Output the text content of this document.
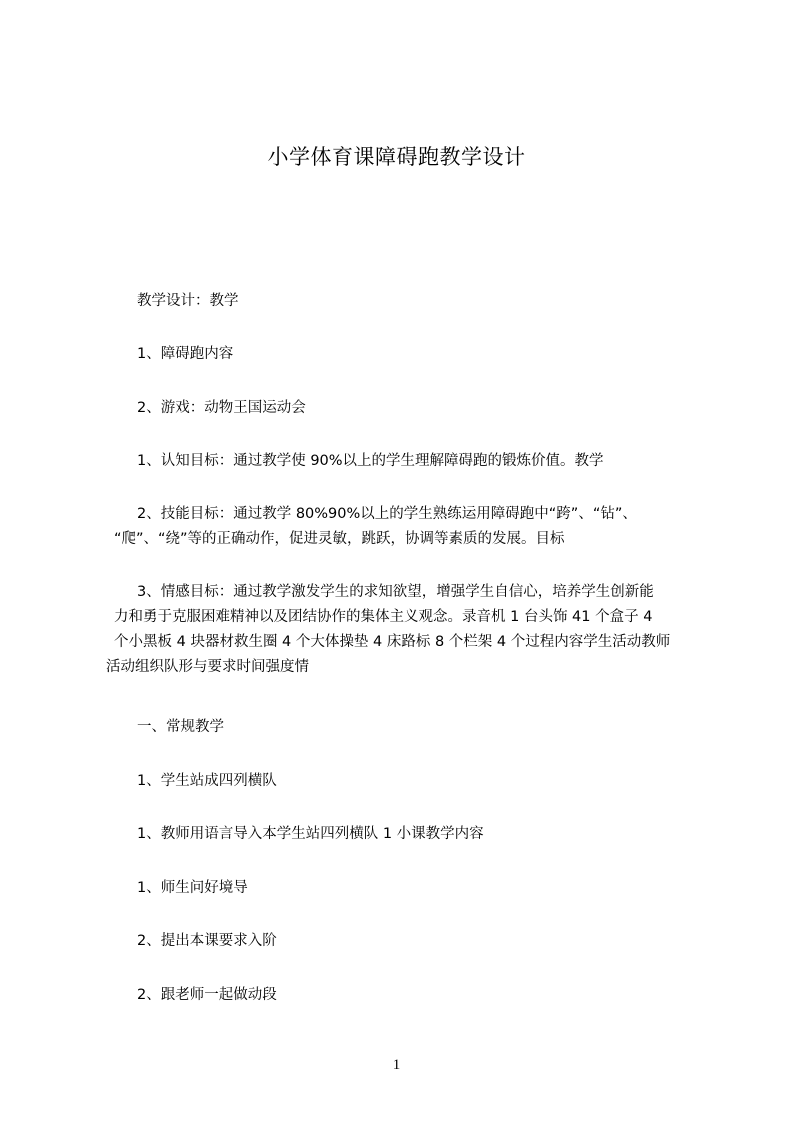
小学体育课障碍跑教学设计
教学设计：教学
1、障碍跑内容
2、游戏：动物王国运动会
1、认知目标：通过教学使 90%以上的学生理解障碍跑的锻炼价值。教学
2、技能目标：通过教学 80%90%以上的学生熟练运用障碍跑中“跨”、“钻”、
“爬”、“绕”等的正确动作，促进灵敏，跳跃，协调等素质的发展。目标
3、情感目标：通过教学激发学生的求知欲望，增强学生自信心，培养学生创新能
力和勇于克服困难精神以及团结协作的集体主义观念。录音机 1 台头饰 41 个盒子 4
个小黑板 4 块器材救生圈 4 个大体操垫 4 床路标 8 个栏架 4 个过程内容学生活动教师
活动组织队形与要求时间强度情
一、常规教学
1、学生站成四列横队
1、教师用语言导入本学生站四列横队 1 小课教学内容
1、师生问好境导
2、提出本课要求入阶
2、跟老师一起做动段
1
